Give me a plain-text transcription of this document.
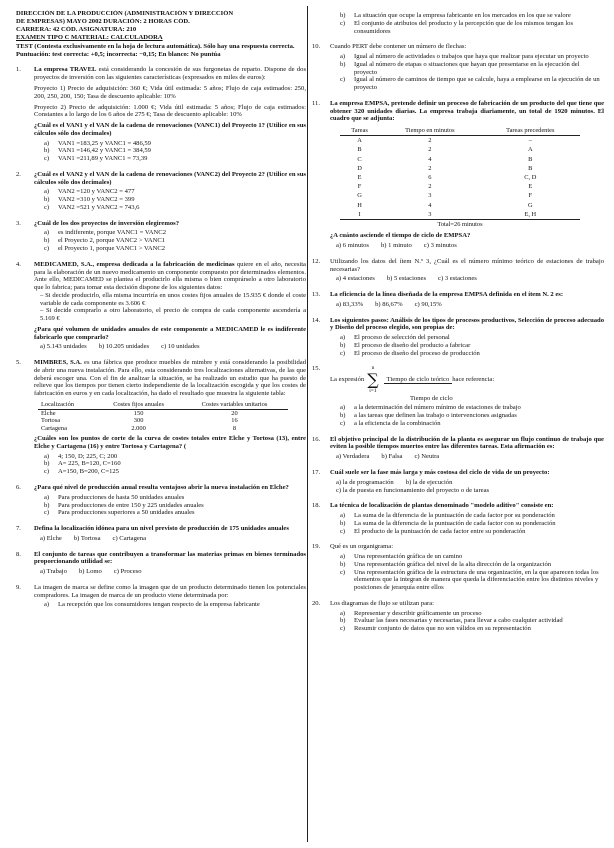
DIRECCIÓN DE LA PRODUCCIÓN (ADMINISTRACIÓN Y DIRECCIÓN
DE EMPRESAS) MAYO 2002 DURACIÓN: 2 HORAS CÓD.
CARRERA: 42 CÓD. ASIGNATURA: 210
EXAMEN TIPO C MATERIAL: CALCULADORA
TEST (Contesta exclusivamente en la hoja de lectura automática). Sólo hay una respuesta correcta. Puntuación: test correcta: +0,5; incorrecta: −0,15; En blanco: No puntúa
1. La empresa TRAVEL está considerando la concesión de sus furgonetas de reparto. Dispone de dos proyectos de inversión con las siguientes características (expresados en miles de euros):
Proyecto 1) Precio de adquisición: 360 €; Vida útil estimada: 5 años; Flujo de caja estimados: 250, 200, 250, 200, 150; Tasa de descuento aplicable: 10%
Proyecto 2) Precio de adquisición: 1.000 €; Vida útil estimada: 5 años; Flujo de caja estimados: Constantes a lo largo de los 6 años de 275 €; Tasa de descuento aplicable: 10%
¿Cuál es el VAN1 y el VAN de la cadena de renovaciones (VANC1) del Proyecto 1? (Utilice en sus cálculos sólo dos decimales)
a)	VAN1 =183,25 y VANC1 = 486,59
b)	VAN1 =146,42 y VANC1 = 384,59
c)	VAN1 =211,89 y VANC1 = 73,39
2. ¿Cuál es el VAN2 y el VAN de la cadena de renovaciones (VANC2) del Proyecto 2? (Utilice en sus cálculos sólo dos decimales)
a)	VAN2 =120 y VANC2 = 477
b)	VAN2 =310 y VANC2 = 399
c)	VAN2 =521 y VANC2 = 743,6
3. ¿Cuál de los dos proyectos de inversión elegiremos?
a)	es indiferente, porque VANC1 = VANC2
b)	el Proyecto 2, porque VANC2 > VANC1
c)	el Proyecto 1, porque VANC1 > VANC2
4. MEDICAMED, S.A., empresa dedicada a la fabricación de medicinas quiere en el año, necesita para la elaboración de un nuevo medicamento un componente compuesto por determinados elementos. Ante ello, MEDICAMED se plantea el producirlo ella misma o bien comprárselo a otro laboratorio que lo fabrica; para tomar esta decisión dispone de los siguientes datos:
– Si decide producirlo, ella misma incurriría en unos costes fijos anuales de 15.935 € donde el coste variable de cada componente es 3.606 €
– Si decide comprarlo a otro laboratorio, el precio de compra de cada componente ascendería a 5.169 €
¿Para qué volumen de unidades anuales de este componente a MEDICAMED le es indiferente fabricarlo que comprarlo?
a) 5.143 unidades b) 10.205 unidades c) 10 unidades
5. MIMBRES, S.A. es una fábrica que produce muebles de mimbre y está considerando la posibilidad de abrir una nueva instalación. Para ello, esta considerando tres localizaciones alternativas, de las que deberá escoger una. Con el fin de analizar la situación, se ha realizado un estudio que ha puesto de relieve que los tiempos por tienen cierto independiente de la localización escogida y que los costes de fabricación en euros y en cada localización, ha dado el resultado que muestra la siguiente tabla:
Localización	Costes fijos anuales	Costes variables unitarios
Elche	150	20
Tortosa	300	16
Cartagena	2.000	8
¿Cuáles son los puntos de corte de la curva de costes totales entre Elche y Tortosa (13), entre Elche y Cartagena (16) y entre Tortosa y Cartagena? (
a)	4; 150, D; 225, C; 200
b)	A= 225, B=120, C=160
c)	A=150, B=200, C=125
6. ¿Para qué nivel de producción anual resulta ventajoso abrir la nueva instalación en Elche?
a)	Para producciones de hasta 50 unidades anuales
b)	Para producciones de entre 150 y 225 unidades anuales
c)	Para producciones superiores a 50 unidades anuales
7. Defina la localización idónea para un nivel previsto de producción de 175 unidades anuales
a) Elche b) Tortosa c) Cartagena
8. El conjunto de tareas que contribuyen a transformar las materias primas en bienes terminados proporcionando utilidad se:
a) Trabajo b) Lomo c) Proceso
9. La imagen de marca se define como la imagen que de un producto determinado tienen los potenciales compradores. La imagen de marca de un producto viene determinada por:
a)	La recepción que los consumidores tengan respecto de la empresa fabricante
b)	La situación que ocupe la empresa fabricante en los mercados en los que se valore
c)	El conjunto de atributos del producto y la percepción que de los mismos tengan los consumidores
10. Cuando PERT debe contener un número de flechas:
a)	Igual al número de actividades o trabajos que haya que realizar para ejecutar un proyecto
b)	Igual al número de etapas o situaciones que hayan que presentarse en la ejecución del proyecto
c)	Igual al número de caminos de tiempo que se calcule, haya a emplearse en la ejecución de un proyecto
11. La empresa EMPSA, pretende definir un proceso de fabricación de un producto del que tiene que obtener 320 unidades diarias. La empresa trabaja diariamente, un total de 1920 minutos. El cuadro que se adjunta:
Tareas	Tiempo en minutos	Tareas precedentes
A	2	–
B	2	A
C	4	B
D	2	B
E	6	C, D
F	2	E
G	3	F
H	4	G
I	3	E, H
Total=26 minutos		
¿A cuánto asciende el tiempo de ciclo de EMPSA?
a) 6 minutos b) 1 minuto c) 3 minutos
12. Utilizando los datos del ítem N.º 3, ¿Cuál es el número mínimo teórico de estaciones de trabajo necesarias?
a) 4 estaciones b) 5 estaciones c) 3 estaciones
13. La eficiencia de la línea diseñada de la empresa EMPSA definida en el ítem N. 2 es:
a) 83,33% b) 86,67% c) 90,15%
14. Los siguientes pasos: Análisis de los tipos de procesos productivos, Selección de proceso adecuado y Diseño del proceso elegido, son propias de:
a)	El proceso de selección del personal
b)	El proceso de diseño del producto a fabricar
c)	El proceso de diseño del proceso de producción
15.
La expresión
n
∑
i=1
Tiempo de ciclo teórico hace referencia:
Tiempo de ciclo
a)	a la determinación del número mínimo de estaciones de trabajo
b)	a las tareas que definen las trabajo o intervenciones asignadas
c)	a la eficiencia de la combinación
16. El objetivo principal de la distribución de la planta es asegurar un flujo continuo de trabajo que eviten la posible tiempos muertos entre las diferentes tareas. Esta afirmación es:
a) Verdadera b) Falsa c) Neutra
17. Cuál suele ser la fase más larga y más costosa del ciclo de vida de un proyecto:
a) la de programación b) la de ejecuciónc) la de puesta en funcionamiento del proyecto o de tareas
18. La técnica de localización de plantas denominado "modelo aditivo" consiste en:
a)	La suma de la diferencia de la puntuación de cada factor por su ponderación
b)	La suma de la diferencia de la puntuación de cada factor con su ponderación
c)	El producto de la puntuación de cada factor entre su ponderación
19. Qué es un organigrama:
a)	Una representación gráfica de un camino
b)	Una representación gráfica del nivel de la alta dirección de la organización
c)	Una representación gráfica de la estructura de una organización, en la que aparecen todas los elementos que la integran de manera que queda la diferenciación entre los distintos niveles y posiciones de jerarquía entre ellos
20. Los diagramas de flujo se utilizan para:
a)	Representar y describir gráficamente un proceso
b)	Evaluar las fases necesarias y necesarias, para llevar a cabo cualquier actividad
c)	Resumir conjunto de datos que no son válidos en su representación
